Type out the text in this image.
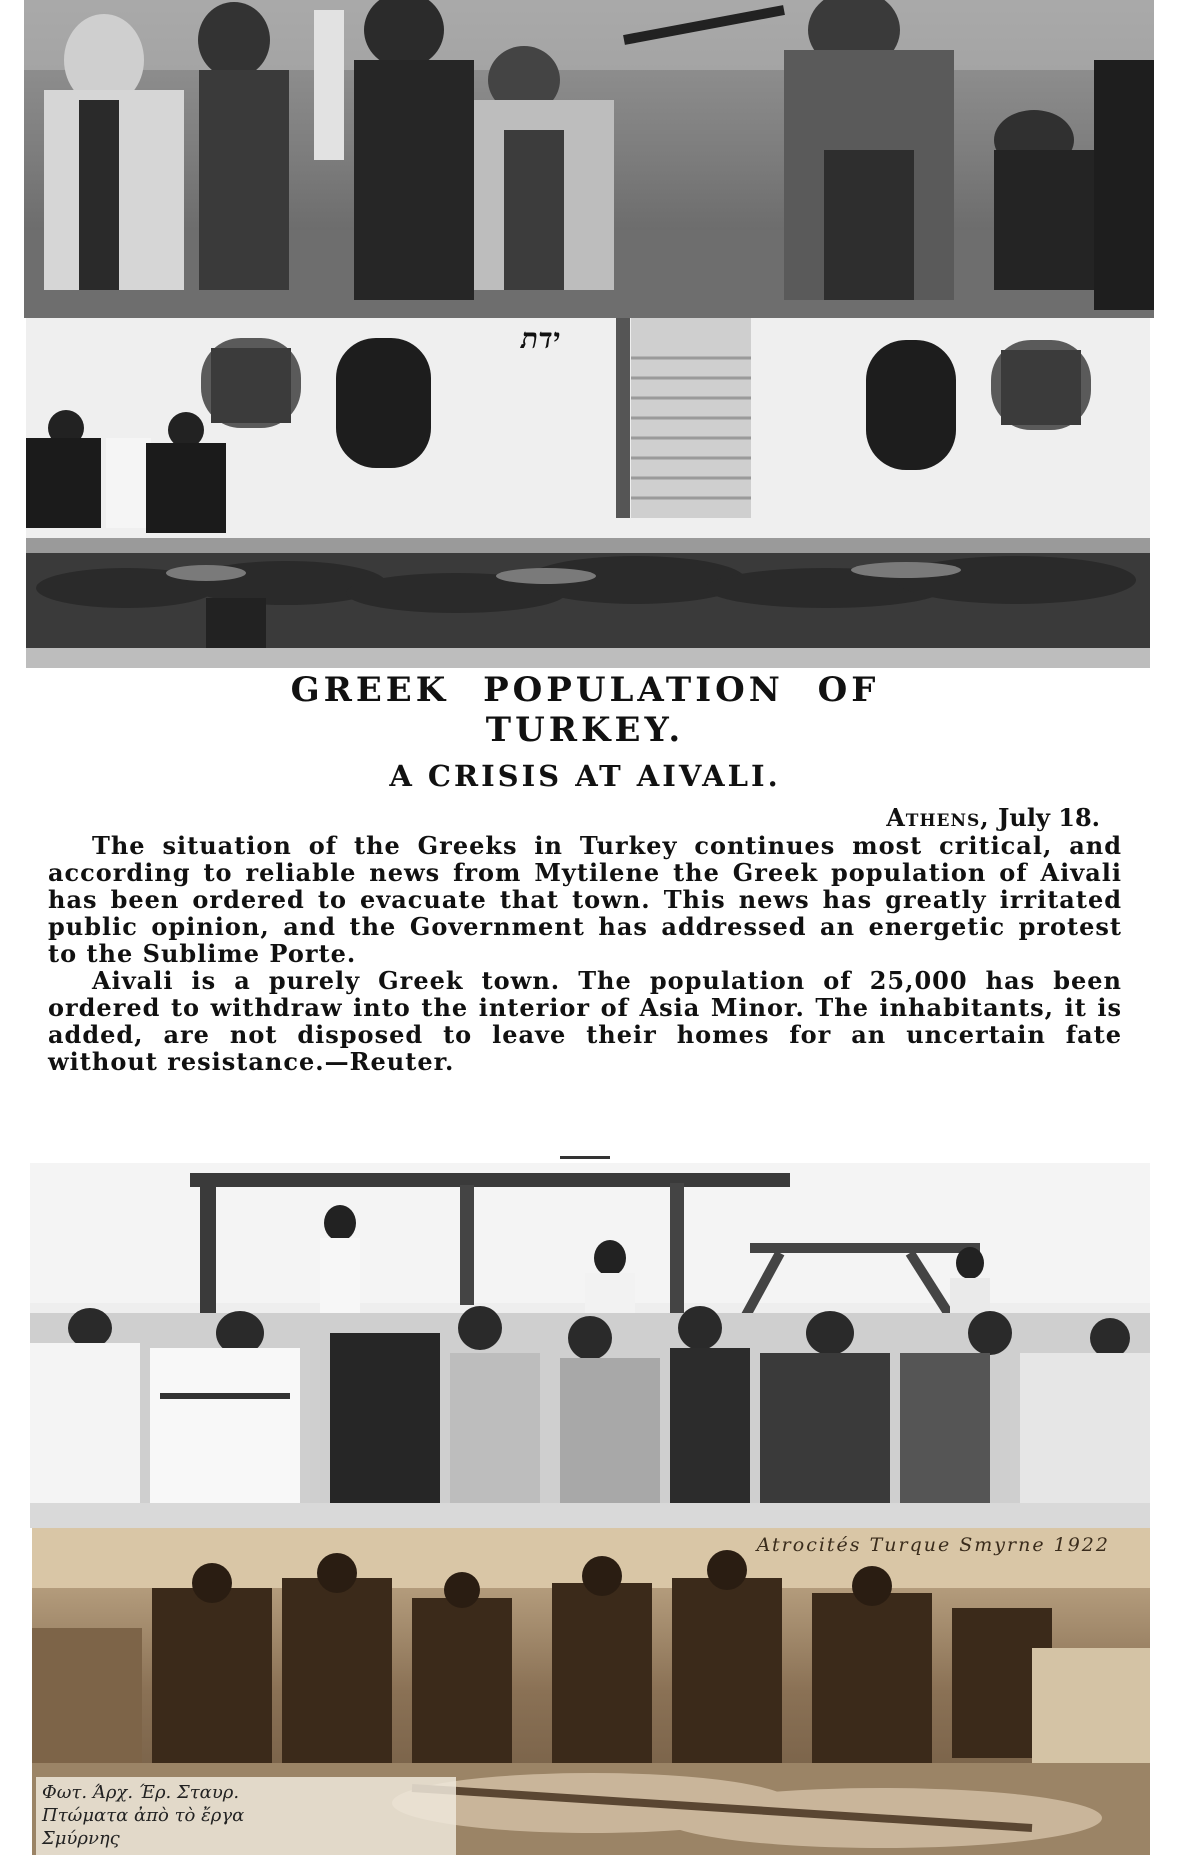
ידת
GREEK POPULATION OF
TURKEY.
A CRISIS AT AIVALI.
Athens, July 18.

The situation of the Greeks in Turkey continues most critical, and according to reliable news from Mytilene the Greek population of Aivali has been ordered to evacuate that town. This news has greatly irritated public opinion, and the Government has addressed an energetic protest to the Sublime Porte.

Aivali is a purely Greek town. The population of 25,000 has been ordered to withdraw into the interior of Asia Minor. The inhabitants, it is added, are not disposed to leave their homes for an uncertain fate without resistance.—Reuter.

Atrocités Turque Smyrne 1922
Φωτ. Άρχ. Έρ. Σταυρ.
Πτώματα ἀπὸ τὸ ἔργα
Σμύρνης
